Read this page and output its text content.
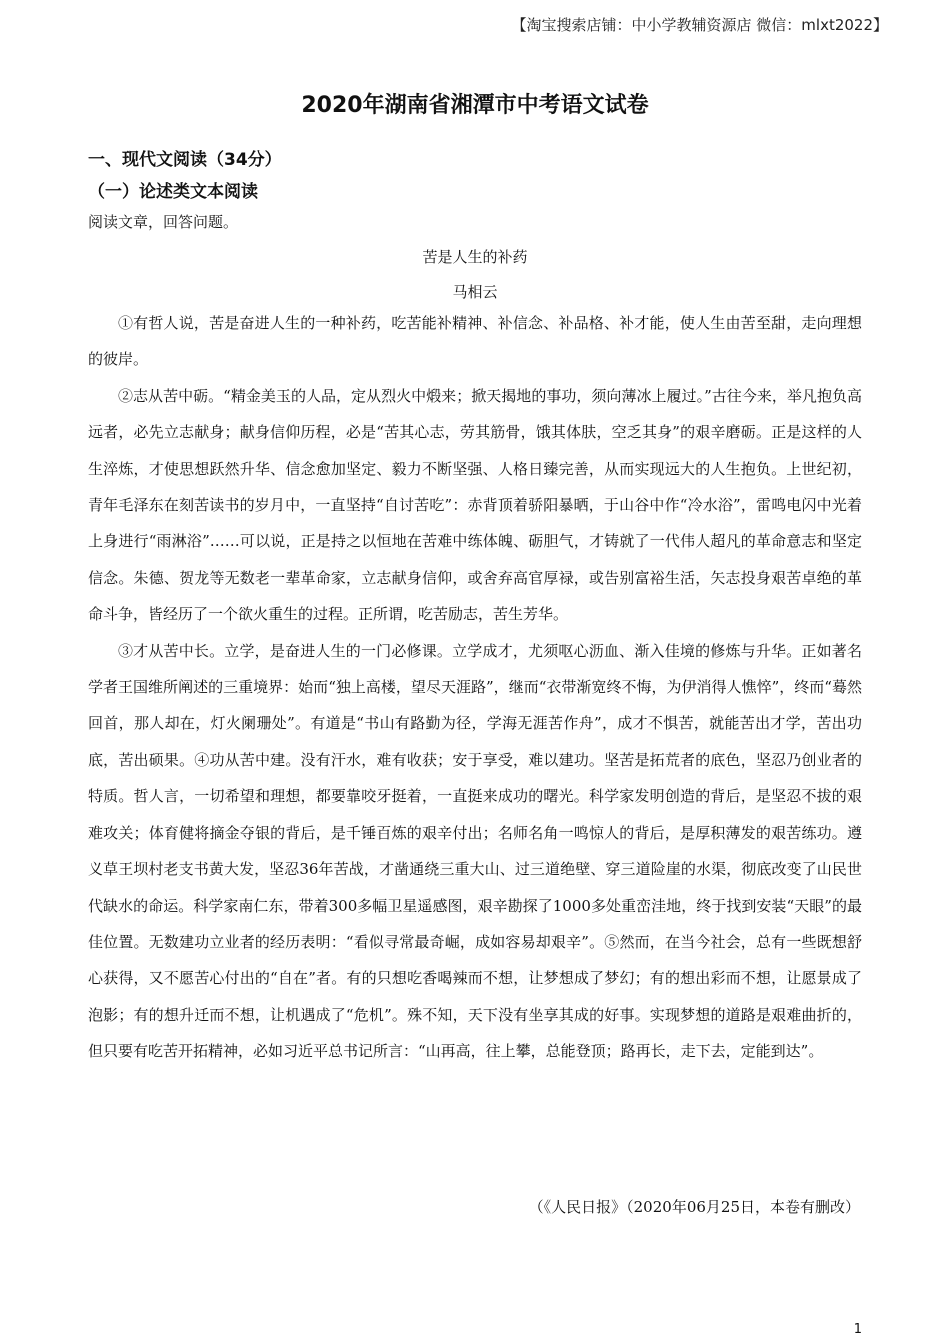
【淘宝搜索店铺：中小学教辅资源店 微信：mlxt2022】
2020年湖南省湘潭市中考语文试卷
一、现代文阅读（34分）
（一）论述类文本阅读
阅读文章，回答问题。
苦是人生的补药
马相云

①有哲人说，苦是奋进人生的一种补药，吃苦能补精神、补信念、补品格、补才能，使人生由苦至甜，走向理想的彼岸。

②志从苦中砺。“精金美玉的人品，定从烈火中煅来；掀天揭地的事功，须向薄冰上履过。”古往今来，举凡抱负高远者，必先立志献身；献身信仰历程，必是“苦其心志，劳其筋骨，饿其体肤，空乏其身”的艰辛磨砺。正是这样的人生淬炼，才使思想跃然升华、信念愈加坚定、毅力不断坚强、人格日臻完善，从而实现远大的人生抱负。上世纪初，青年毛泽东在刻苦读书的岁月中，一直坚持“自讨苦吃”：赤背顶着骄阳暴晒，于山谷中作“冷水浴”，雷鸣电闪中光着上身进行“雨淋浴”……可以说，正是持之以恒地在苦难中练体魄、砺胆气，才铸就了一代伟人超凡的革命意志和坚定信念。朱德、贺龙等无数老一辈革命家，立志献身信仰，或舍弃高官厚禄，或告别富裕生活，矢志投身艰苦卓绝的革命斗争，皆经历了一个欲火重生的过程。正所谓，吃苦励志，苦生芳华。

③才从苦中长。立学，是奋进人生的一门必修课。立学成才，尤须呕心沥血、渐入佳境的修炼与升华。正如著名学者王国维所阐述的三重境界：始而“独上高楼，望尽天涯路”，继而“衣带渐宽终不悔，为伊消得人憔悴”，终而“蓦然回首，那人却在，灯火阑珊处”。有道是“书山有路勤为径，学海无涯苦作舟”，成才不惧苦，就能苦出才学，苦出功底，苦出硕果。④功从苦中建。没有汗水，难有收获；安于享受，难以建功。坚苦是拓荒者的底色，坚忍乃创业者的特质。哲人言，一切希望和理想，都要靠咬牙挺着，一直挺来成功的曙光。科学家发明创造的背后，是坚忍不拔的艰难攻关；体育健将摘金夺银的背后，是千锤百炼的艰辛付出；名师名角一鸣惊人的背后，是厚积薄发的艰苦练功。遵义草王坝村老支书黄大发，坚忍36年苦战，才凿通绕三重大山、过三道绝壁、穿三道险崖的水渠，彻底改变了山民世代缺水的命运。科学家南仁东，带着300多幅卫星遥感图，艰辛勘探了1000多处重峦洼地，终于找到安装“天眼”的最佳位置。无数建功立业者的经历表明：“看似寻常最奇崛，成如容易却艰辛”。⑤然而，在当今社会，总有一些既想舒心获得，又不愿苦心付出的“自在”者。有的只想吃香喝辣而不想，让梦想成了梦幻；有的想出彩而不想，让愿景成了泡影；有的想升迁而不想，让机遇成了“危机”。殊不知，天下没有坐享其成的好事。实现梦想的道路是艰难曲折的，但只要有吃苦开拓精神，必如习近平总书记所言：“山再高，往上攀，总能登顶；路再长，走下去，定能到达”。

（《人民日报》（2020年06月25日，本卷有删改）
1
